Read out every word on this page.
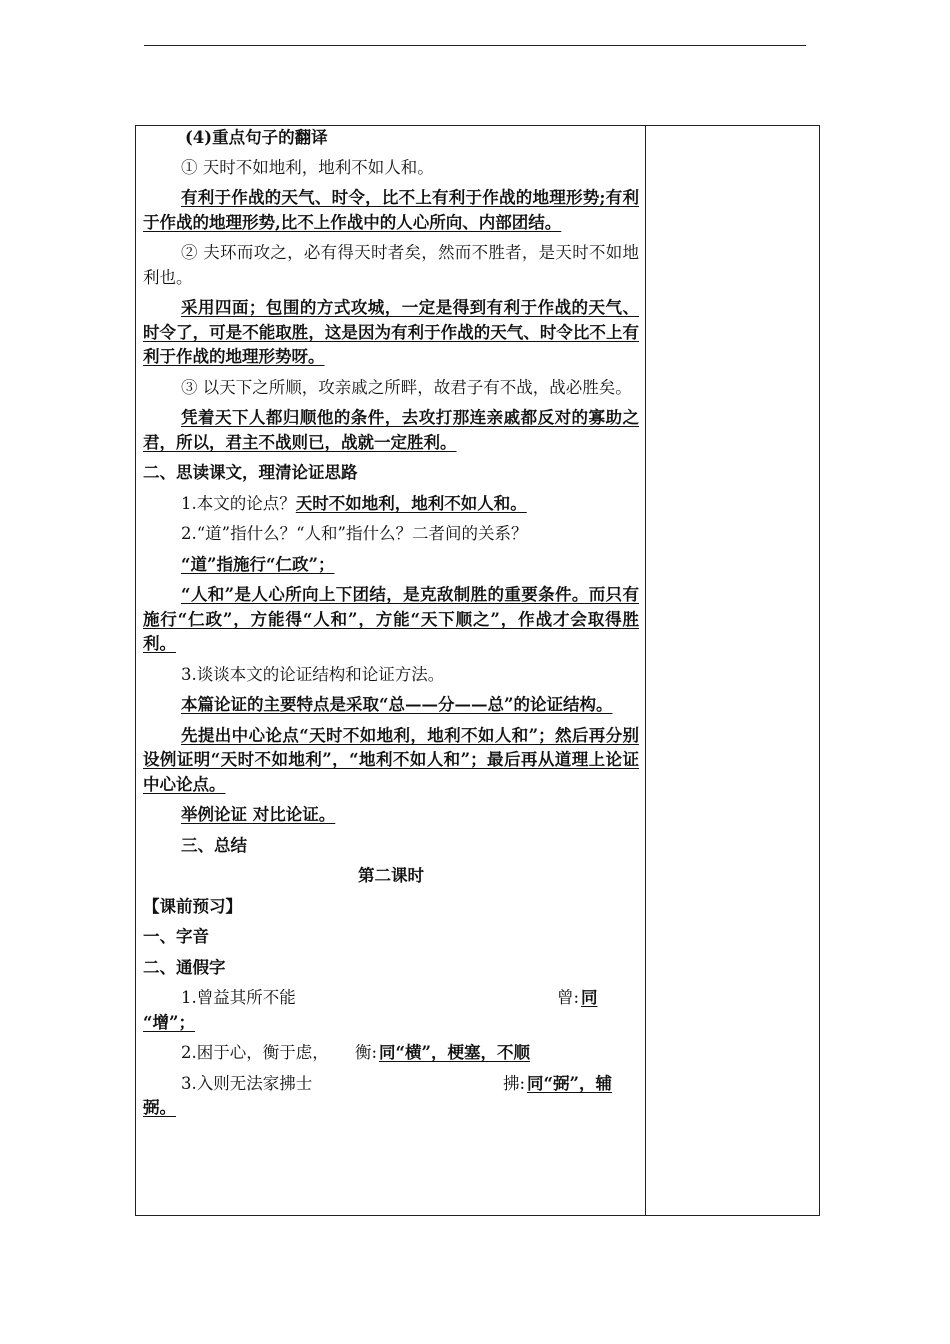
(4)重点句子的翻译

① 天时不如地利，地利不如人和。

有利于作战的天气、时令，比不上有利于作战的地理形势;有利于作战的地理形势,比不上作战中的人心所向、内部团结。

② 夫环而攻之，必有得天时者矣，然而不胜者，是天时不如地利也。

采用四面；包围的方式攻城，一定是得到有利于作战的天气、时令了，可是不能取胜，这是因为有利于作战的天气、时令比不上有利于作战的地理形势呀。

③ 以天下之所顺，攻亲戚之所畔，故君子有不战，战必胜矣。

凭着天下人都归顺他的条件，去攻打那连亲戚都反对的寡助之君，所以，君主不战则已，战就一定胜利。

二、思读课文，理清论证思路

1.本文的论点？天时不如地利，地利不如人和。

2.“道”指什么？“人和”指什么？二者间的关系？

“道”指施行“仁政”；

“人和”是人心所向上下团结，是克敌制胜的重要条件。而只有施行“仁政”，方能得“人和”，方能“天下顺之”，作战才会取得胜利。

3.谈谈本文的论证结构和论证方法。

本篇论证的主要特点是采取“总——分——总”的论证结构。

先提出中心论点“天时不如地利，地利不如人和”；然后再分别设例证明“天时不如地利”，“地利不如人和”；最后再从道理上论证中心论点。

举例论证 对比论证。

三、总结

第二课时

【课前预习】

一、字音

二、通假字

1.曾益其所不能	曾: 同

“增”；

2.困于心，衡于虑， 衡: 同“横”，梗塞，不顺
3.入则无法家拂士	拂: 同“弼”，辅

弼。
